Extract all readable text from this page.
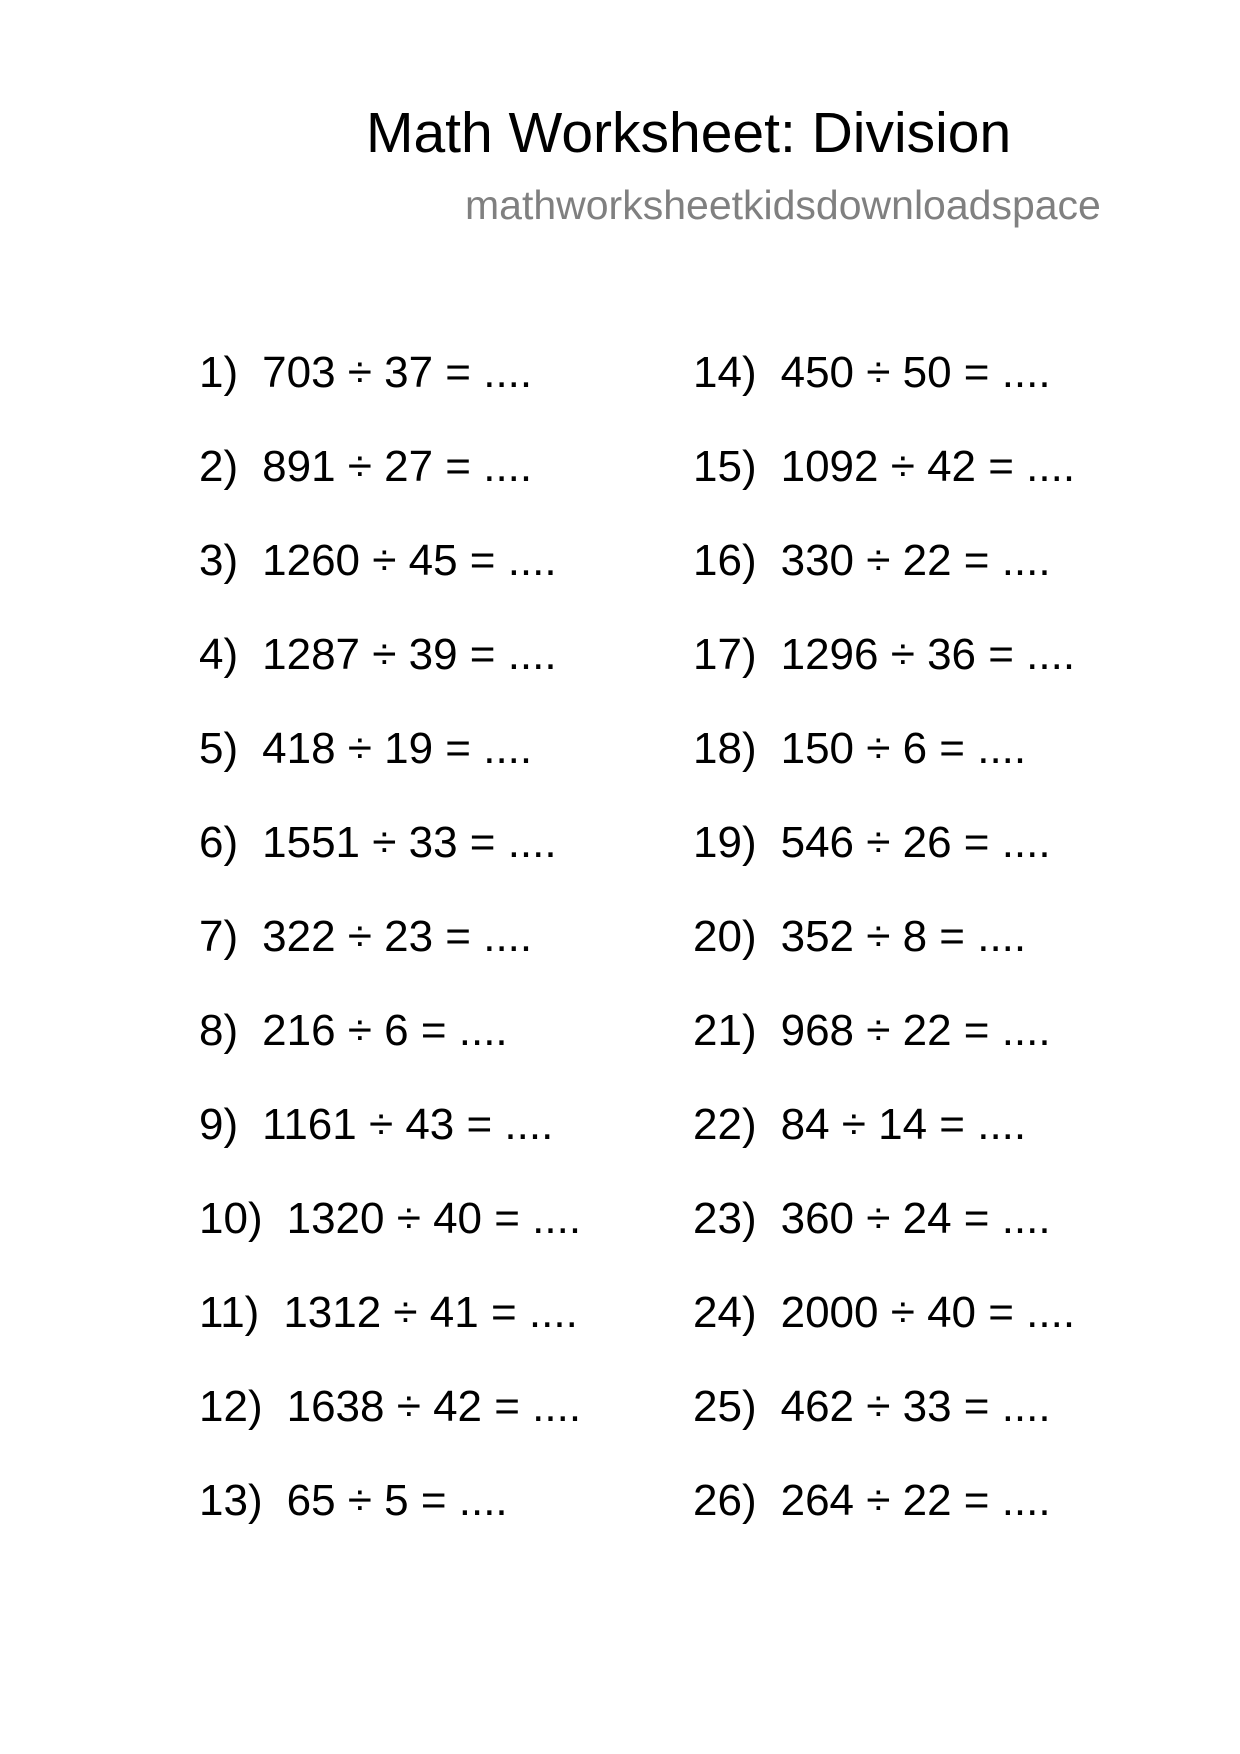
Math Worksheet: Division
mathworksheetkidsdownloadspace
1) 703 ÷ 37 = ....
2) 891 ÷ 27 = ....
3) 1260 ÷ 45 = ....
4) 1287 ÷ 39 = ....
5) 418 ÷ 19 = ....
6) 1551 ÷ 33 = ....
7) 322 ÷ 23 = ....
8) 216 ÷ 6 = ....
9) 1161 ÷ 43 = ....
10) 1320 ÷ 40 = ....
11) 1312 ÷ 41 = ....
12) 1638 ÷ 42 = ....
13) 65 ÷ 5 = ....
14) 450 ÷ 50 = ....
15) 1092 ÷ 42 = ....
16) 330 ÷ 22 = ....
17) 1296 ÷ 36 = ....
18) 150 ÷ 6 = ....
19) 546 ÷ 26 = ....
20) 352 ÷ 8 = ....
21) 968 ÷ 22 = ....
22) 84 ÷ 14 = ....
23) 360 ÷ 24 = ....
24) 2000 ÷ 40 = ....
25) 462 ÷ 33 = ....
26) 264 ÷ 22 = ....
